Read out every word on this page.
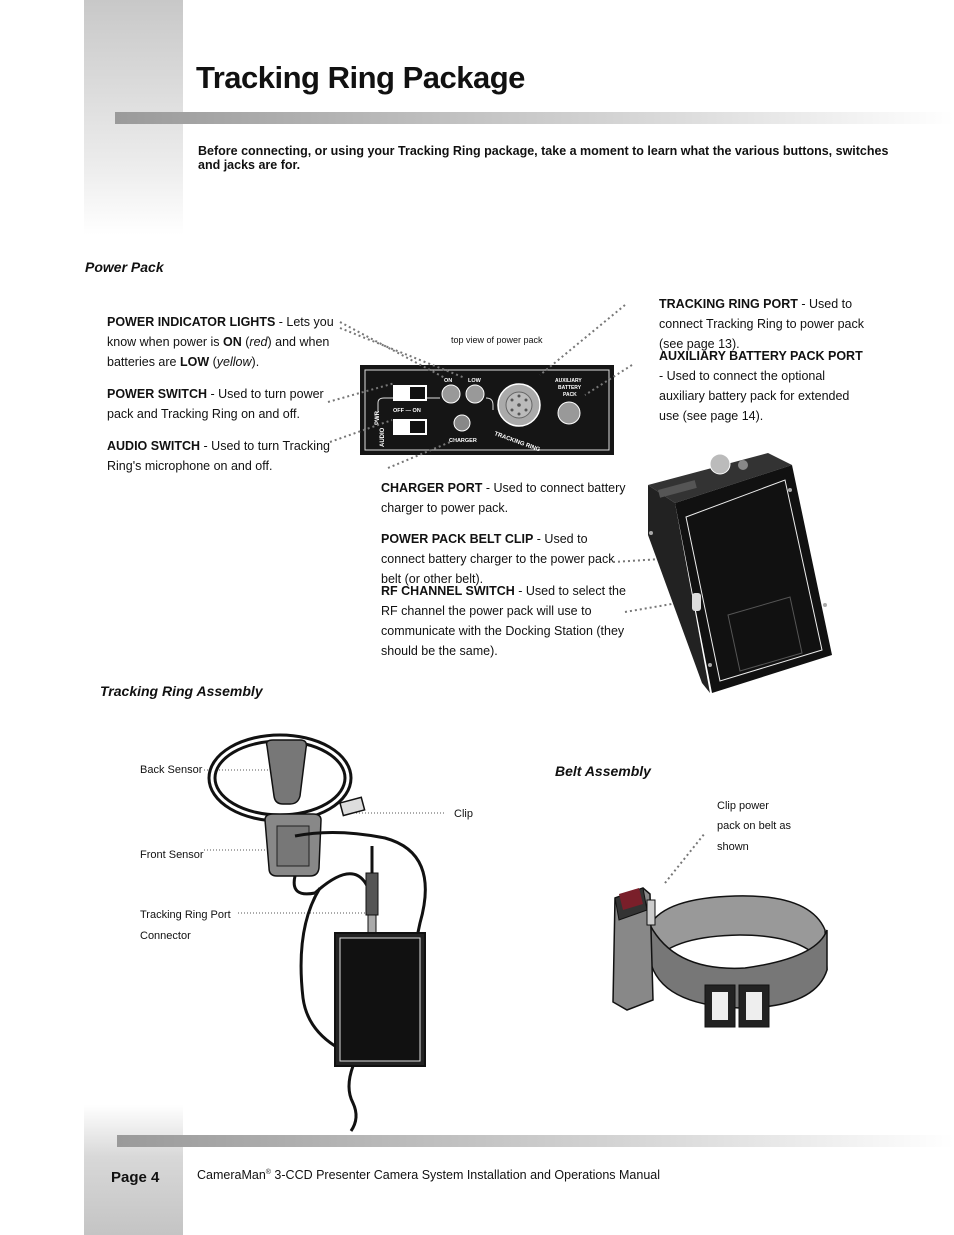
Tracking Ring Package
Before connecting, or using your Tracking Ring package, take a moment to learn what the various buttons, switches and jacks are for.
Power Pack
POWER INDICATOR LIGHTS - Lets you know when power is ON (red) and when batteries are LOW (yellow).
POWER SWITCH - Used to turn power pack and Tracking Ring on and off.
AUDIO SWITCH - Used to turn Tracking Ring's microphone on and off.
TRACKING RING PORT - Used to connect Tracking Ring to power pack (see page 13).
AUXILIARY BATTERY PACK PORT - Used to connect the optional auxiliary battery pack for extended use (see page 14).
top view of power pack
CHARGER PORT - Used to connect battery charger to power pack.
POWER PACK BELT CLIP - Used to connect battery charger to the power pack belt (or other belt).
RF CHANNEL SWITCH - Used to select the RF channel the power pack will use to communicate with the Docking Station (they should be the same).
PWR OFF — ON
AUDIO
ON	LOW
CHARGER	TRACKING RING
AUXILIARY
BATTERY
PACK
Tracking Ring Assembly
Back Sensor
Clip
Front Sensor
Tracking Ring Port
Connector
Belt Assembly
Clip power
pack on belt as
shown
Page 4	CameraMan® 3-CCD Presenter Camera System Installation and Operations Manual
